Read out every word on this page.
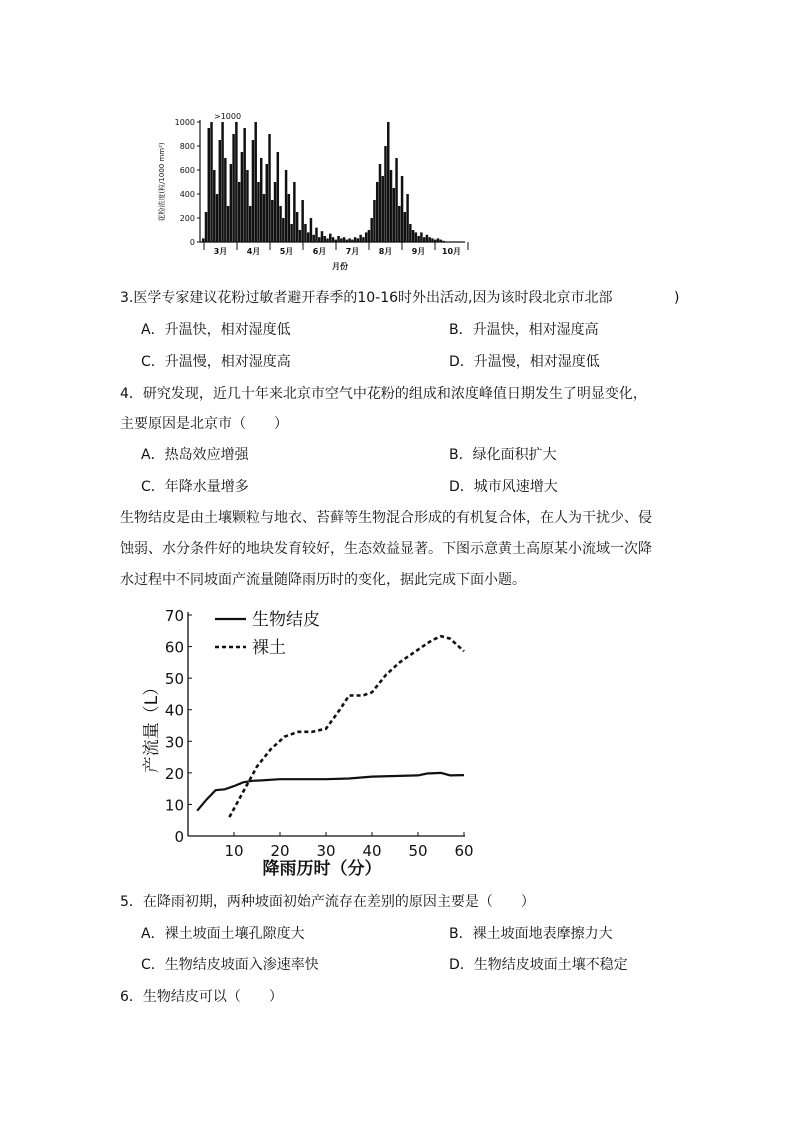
花粉浓度(粒/1000 mm²)
0
200
400
600
800
1000
3月 4月 5月 6月 7月 8月 9月 10月
>1000
月份
3.医学专家建议花粉过敏者避开春季的10-16时外出活动,因为该时段北京市北部	)
A．升温快，相对湿度低	B．升温快，相对湿度高
C．升温慢，相对湿度高	D．升温慢，相对湿度低
4．研究发现，近几十年来北京市空气中花粉的组成和浓度峰值日期发生了明显变化，
主要原因是北京市（　　）
A．热岛效应增强	B．绿化面积扩大
C．年降水量增多	D．城市风速增大
生物结皮是由土壤颗粒与地衣、苔藓等生物混合形成的有机复合体，在人为干扰少、侵
蚀弱、水分条件好的地块发育较好，生态效益显著。下图示意黄土高原某小流域一次降
水过程中不同坡面产流量随降雨历时的变化，据此完成下面小题。
0
10
20
30
40
50
60
70
10 20 30 40 50 60
生物结皮
裸土
产流量（L）
降雨历时（分）
5．在降雨初期，两种坡面初始产流存在差别的原因主要是（　　）
A．裸土坡面土壤孔隙度大	B．裸土坡面地表摩擦力大
C．生物结皮坡面入渗速率快	D．生物结皮坡面土壤不稳定
6．生物结皮可以（　　）
